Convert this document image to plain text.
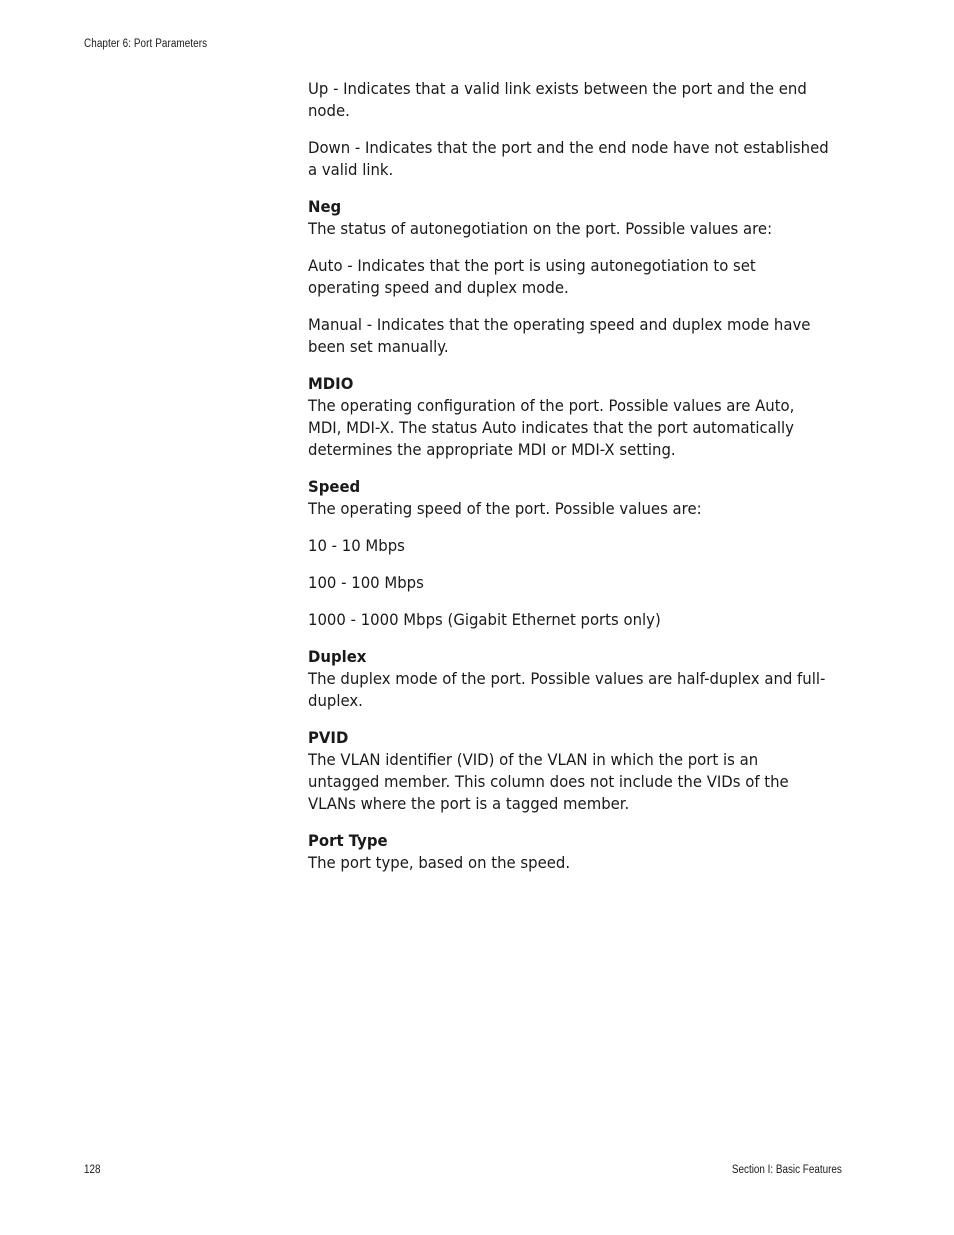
Chapter 6: Port Parameters

Up - Indicates that a valid link exists between the port and the end node.

Down - Indicates that the port and the end node have not established a valid link.

Neg

The status of autonegotiation on the port. Possible values are:

Auto - Indicates that the port is using autonegotiation to set operating speed and duplex mode.

Manual - Indicates that the operating speed and duplex mode have been set manually.

MDIO

The operating configuration of the port. Possible values are Auto, MDI, MDI-X. The status Auto indicates that the port automatically determines the appropriate MDI or MDI-X setting.

Speed

The operating speed of the port. Possible values are:

10 - 10 Mbps

100 - 100 Mbps

1000 - 1000 Mbps (Gigabit Ethernet ports only)

Duplex

The duplex mode of the port. Possible values are half-duplex and full-duplex.

PVID

The VLAN identifier (VID) of the VLAN in which the port is an untagged member. This column does not include the VIDs of the VLANs where the port is a tagged member.

Port Type

The port type, based on the speed.

128	Section I: Basic Features
